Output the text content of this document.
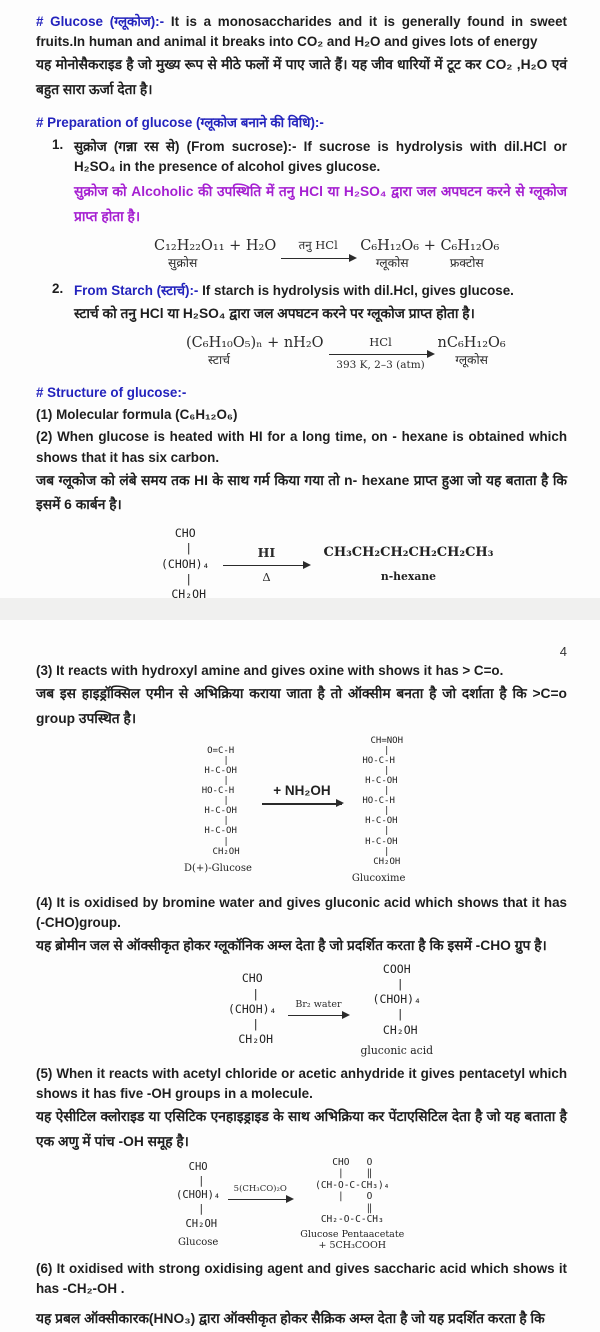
# Glucose (ग्लूकोज):- It is a monosaccharides and it is generally found in sweet fruits.In human and animal it breaks into CO₂ and H₂O and gives lots of energy

यह मोनोसैकराइड है जो मुख्य रूप से मीठे फलों में पाए जाते हैं। यह जीव धारियों में टूट कर CO₂ ,H₂O एवं बहुत सारा ऊर्जा देता है।

# Preparation of glucose (ग्लूकोज बनाने की विधि):-

1. सुक्रोज (गन्ना रस से) (From sucrose):- If sucrose is hydrolysis with dil.HCl or H₂SO₄ in the presence of alcohol gives glucose.

सुक्रोज को Alcoholic की उपस्थिति में तनु HCl या H₂SO₄ द्वारा जल अपघटन करने से ग्लूकोज प्राप्त होता है।

C₁₂H₂₂O₁₁ + H₂O
सुक्रोस
तनु HCl C₆H₁₂O₆ + C₆H₁₂O₆
ग्लूकोस	फ्रक्टोस
2. From Starch (स्टार्च):- If starch is hydrolysis with dil.Hcl, gives glucose.

स्टार्च को तनु HCl या H₂SO₄ द्वारा जल अपघटन करने पर ग्लूकोज प्राप्त होता है।

(C₆H₁₀O₅)ₙ + nH₂O
स्टार्च
HCl
393 K, 2–3 (atm)
nC₆H₁₂O₆
ग्लूकोस

# Structure of glucose:-

(1) Molecular formula (C₆H₁₂O₆)

(2) When glucose is heated with HI for a long time, on - hexane is obtained which shows that it has six carbon.

जब ग्लूकोज को लंबे समय तक HI के साथ गर्म किया गया तो n- hexane प्राप्त हुआ जो यह बताता है कि इसमें 6 कार्बन है।

CHO
|
(CHOH)₄
|
CH₂OH
HI
Δ
CH₃CH₂CH₂CH₂CH₂CH₃
n-hexane

4

(3) It reacts with hydroxyl amine and gives oxine with shows it has > C=o.

जब इस हाइड्रॉक्सिल एमीन से अभिक्रिया कराया जाता है तो ऑक्सीम बनता है जो दर्शाता है कि >C=o group उपस्थित है।

O=C-H
|
H-C-OH
|
HO-C-H
|
H-C-OH
|
H-C-OH
|
CH₂OH
D(+)-Glucose
+ NH₂OH
CH=NOH
|
HO-C-H
|
H-C-OH
|
HO-C-H
|
H-C-OH
|
H-C-OH
|
CH₂OH
Glucoxime

(4) It is oxidised by bromine water and gives gluconic acid which shows that it has (-CHO)group.

यह ब्रोमीन जल से ऑक्सीकृत होकर ग्लूकॉनिक अम्ल देता है जो प्रदर्शित करता है कि इसमें -CHO ग्रुप है।

CHO
|
(CHOH)₄
|
CH₂OH
Br₂ water
COOH
|
(CHOH)₄
|
CH₂OH
gluconic acid

(5) When it reacts with acetyl chloride or acetic anhydride it gives pentacetyl which shows it has five -OH groups in a molecule.

यह ऐसीटिल क्लोराइड या एसिटिक एनहाइड्राइड के साथ अभिक्रिया कर पेंटाएसिटिल देता है जो यह बताता है एक अणु में पांच -OH समूह है।

CHO
|
(CHOH)₄
|
CH₂OH
Glucose
5(CH₃CO)₂O
CHO   O
|    ‖
(CH-O-C-CH₃)₄
|    O
‖
CH₂-O-C-CH₃
Glucose Pentaacetate
+ 5CH₃COOH

(6) It oxidised with strong oxidising agent and gives saccharic acid which shows it has -CH₂-OH .

यह प्रबल ऑक्सीकारक(HNO₃) द्वारा ऑक्सीकृत होकर सैक्रिक अम्ल देता है जो यह प्रदर्शित करता है कि
